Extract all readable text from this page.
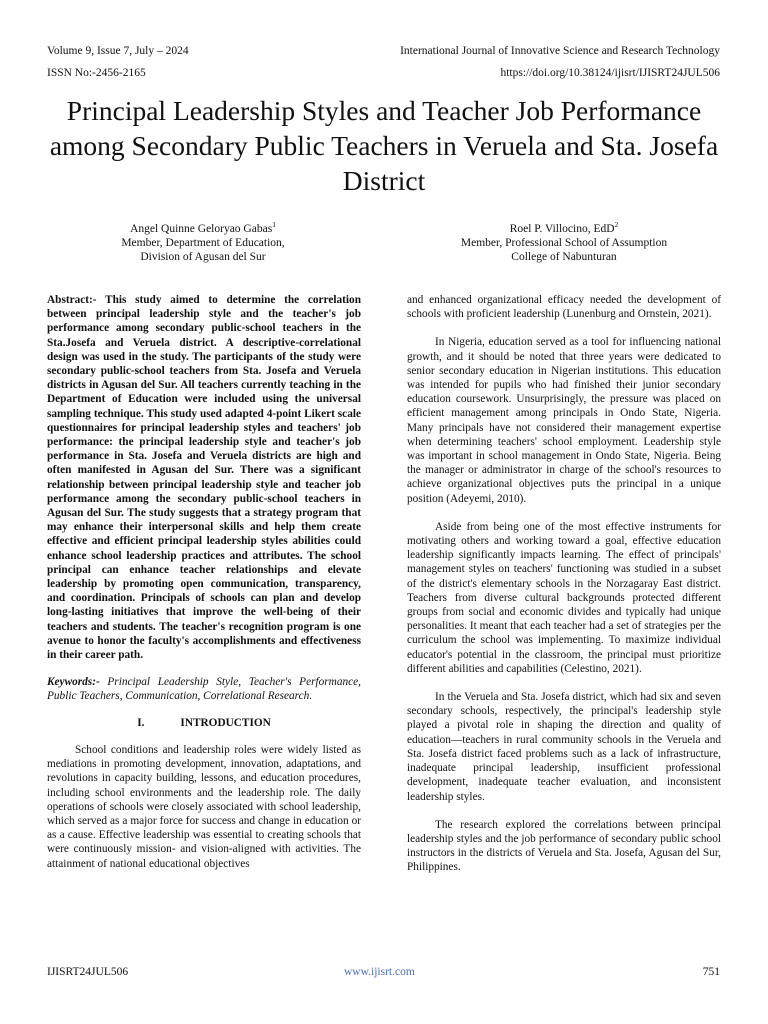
Volume 9, Issue 7, July – 2024	International Journal of Innovative Science and Research Technology
ISSN No:-2456-2165	https://doi.org/10.38124/ijisrt/IJISRT24JUL506
Principal Leadership Styles and Teacher Job Performance among Secondary Public Teachers in Veruela and Sta. Josefa District
Angel Quinne Geloryao Gabas$^1$
Member, Department of Education,
Division of Agusan del Sur
Roel P. Villocino, EdD$^2$
Member, Professional School of Assumption
College of Nabunturan

Abstract:- This study aimed to determine the correlation between principal leadership style and the teacher's job performance among secondary public-school teachers in the Sta.Josefa and Veruela district. A descriptive-correlational design was used in the study. The participants of the study were secondary public-school teachers from Sta. Josefa and Veruela districts in Agusan del Sur. All teachers currently teaching in the Department of Education were included using the universal sampling technique. This study used adapted 4-point Likert scale questionnaires for principal leadership styles and teachers' job performance: the principal leadership style and teacher's job performance in Sta. Josefa and Veruela districts are high and often manifested in Agusan del Sur. There was a significant relationship between principal leadership style and teacher job performance among the secondary public-school teachers in Agusan del Sur. The study suggests that a strategy program that may enhance their interpersonal skills and help them create effective and efficient principal leadership styles abilities could enhance school leadership practices and attributes. The school principal can enhance teacher relationships and elevate leadership by promoting open communication, transparency, and coordination. Principals of schools can plan and develop long-lasting initiatives that improve the well-being of their teachers and students. The teacher's recognition program is one avenue to honor the faculty's accomplishments and effectiveness in their career path.

Keywords:- Principal Leadership Style, Teacher's Performance, Public Teachers, Communication, Correlational Research.

I.	INTRODUCTION

School conditions and leadership roles were widely listed as mediations in promoting development, innovation, adaptations, and revolutions in capacity building, lessons, and education procedures, including school environments and the leadership role. The daily operations of schools were closely associated with school leadership, which served as a major force for success and change in education or as a cause. Effective leadership was essential to creating schools that were continuously mission- and vision-aligned with activities. The attainment of national educational objectives

and enhanced organizational efficacy needed the development of schools with proficient leadership (Lunenburg and Ornstein, 2021).

In Nigeria, education served as a tool for influencing national growth, and it should be noted that three years were dedicated to senior secondary education in Nigerian institutions. This education was intended for pupils who had finished their junior secondary education coursework. Unsurprisingly, the pressure was placed on efficient management among principals in Ondo State, Nigeria. Many principals have not considered their management expertise when determining teachers' school employment. Leadership style was important in school management in Ondo State, Nigeria. Being the manager or administrator in charge of the school's resources to achieve organizational objectives puts the principal in a unique position (Adeyemi, 2010).

Aside from being one of the most effective instruments for motivating others and working toward a goal, effective education leadership significantly impacts learning. The effect of principals' management styles on teachers' functioning was studied in a subset of the district's elementary schools in the Norzagaray East district. Teachers from diverse cultural backgrounds protected different groups from social and economic divides and typically had unique personalities. It meant that each teacher had a set of strategies per the curriculum the school was implementing. To maximize individual educator's potential in the classroom, the principal must prioritize different abilities and capabilities (Celestino, 2021).

In the Veruela and Sta. Josefa district, which had six and seven secondary schools, respectively, the principal's leadership style played a pivotal role in shaping the direction and quality of education—teachers in rural community schools in the Veruela and Sta. Josefa district faced problems such as a lack of infrastructure, inadequate principal leadership, insufficient professional development, inadequate teacher evaluation, and inconsistent leadership styles.

The research explored the correlations between principal leadership styles and the job performance of secondary public school instructors in the districts of Veruela and Sta. Josefa, Agusan del Sur, Philippines.

IJISRT24JUL506	www.ijisrt.com	751
